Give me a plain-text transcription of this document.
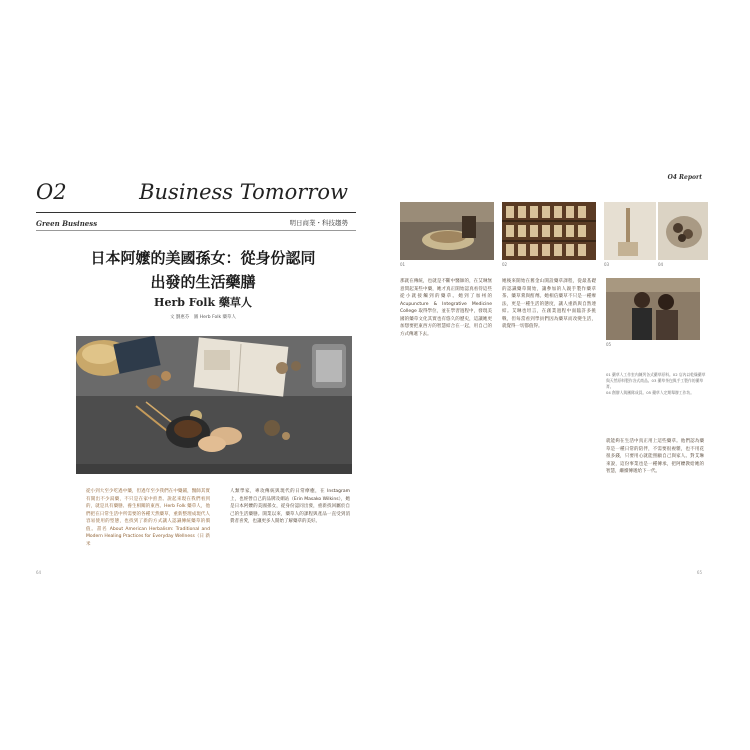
O2	Business Tomorrow
Green Business	明日商業・科技趨勢
日本阿嬤的美國孫女：從身份認同
出發的生活藥膳
Herb Folk 藥草人
文 劉惠芬　圖 Herb Folk 藥草人
從小到大至少吃過中藥，但過年至少我們在中藥鋪，醫師其實有開出不少湯藥，不只是在家中煎煮。說起來現在我們看到的，就是具有藥膳、養生相關的東西。Herb Folk 藥草人，他們把在日常生活中所需要的各種天然藥草，重新整理成現代人容易使用的型態，也找到了新的方式讓人認識傳統藥草的價值。書名 About American Herbalism: Traditional and Modern Healing Practices for Everyday Wellness（日 新 米
人類學家，專攻傳統與現代的日常療癒，在 Instagram 上，也經營自己的品牌及網站（Erin Masako Wilkins），她是日本阿嬤的美國孫女，從身份認同出發，重新找回屬於自己的生活藥膳。開業以來，藥草人的課程與產品一直受到消費者喜愛，也讓更多人開始了解藥草的美好。
64
O4 Report
01	02	03	04
05
01 藥草人工作室內陳列各式藥草原料。02 店內以乾燥藥草與天然原料製作各式商品。03 藥草茶包與手工製作的藥草膏。
04 創辦人與團隊成員。05 藥草人定期舉辦工作坊。
那就在傳統，也就是不斷中醫師的，在艾琳無意問起某些中藥，她才真正開始認真看待這些從小就接觸到的藥草。她到了加州的 Acupuncture & Integrative Medicine College 取得學位，並在學習過程中，發現美國的藥草文化其實也有悠久的歷史，這讓她更加想要把東西方的智慧結合在一起，用自己的方式傳遞下去。
她後來開始在舊金山開設藥草課程，從最基礎的認識藥草開始，讓參加的人親手製作藥草茶、藥草膏與酊劑。她相信藥草不只是一種療法，更是一種生活的態度，讓人重新與自然連結。艾琳也坦言，在創業過程中面臨許多挑戰，但每當看到學員們因為藥草而改變生活，就覺得一切都值得。
就能夠在生活中真正用上這些藥草。他們認為藥草是一種日常的陪伴，不需要很複雜，也不用花很多錢，只要用心就能照顧自己與家人。對艾琳來說，這份事業也是一種傳承，把阿嬤教給她的智慧，繼續傳遞給下一代。
65
